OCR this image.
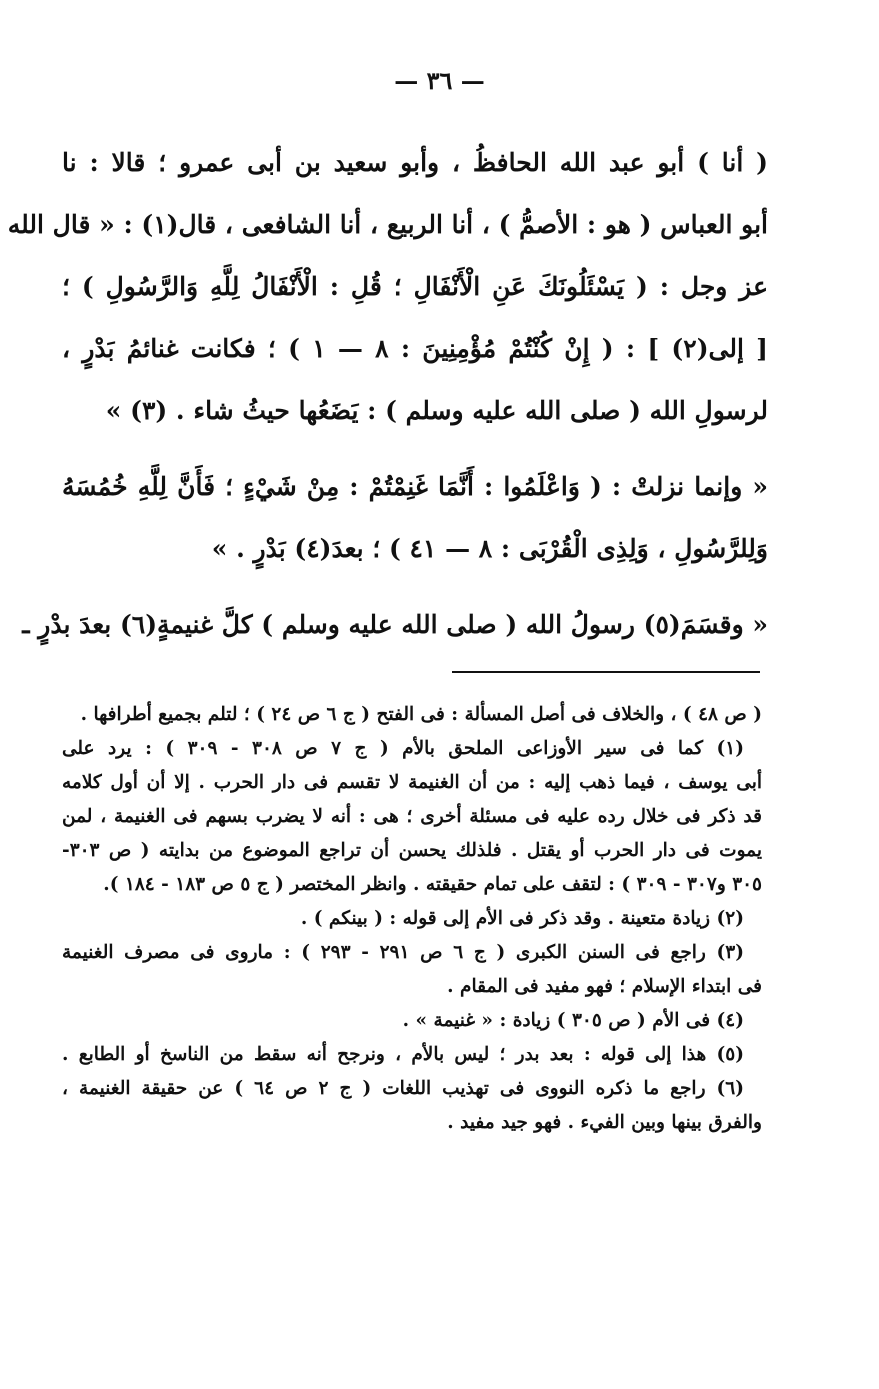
— ٣٦ —
( أنا ) أبو عبد الله الحافظُ ، وأبو سعيد بن أبى عمرو ؛ قالا : نا
أبو العباس ( هو : الأصمُّ ) ، أنا الربيع ، أنا الشافعى ، قال(١) : « قال الله
عز وجل : ( يَسْئَلُونَكَ عَنِ الْأَنْفَالِ ؛ قُلِ : الْأَنْفَالُ لِلَّهِ وَالرَّسُولِ ) ؛
[ إلى(٢) ] : ( إِنْ كُنْتُمْ مُؤْمِنِينَ : ٨ — ١ ) ؛ فكانت غنائمُ بَدْرٍ ،
لرسولِ الله ( صلى الله عليه وسلم ) : يَضَعُها حيثُ شاء . (٣) »
« وإنما نزلتْ : ( وَاعْلَمُوا : أَنَّمَا غَنِمْتُمْ : مِنْ شَيْءٍ ؛ فَأَنَّ لِلَّهِ خُمُسَهُ
وَلِلرَّسُولِ ، وَلِذِى الْقُرْبَى : ٨ — ٤١ ) ؛ بعدَ(٤) بَدْرٍ . »
« وقسَمَ(٥) رسولُ الله ( صلى الله عليه وسلم ) كلَّ غنيمةٍ(٦) بعدَ بدْرٍ ـ
( ص ٤٨ ) ، والخلاف فى أصل المسألة : فى الفتح ( ج ٦ ص ٢٤ ) ؛ لتلم بجميع أطرافها .
(١) كما فى سير الأوزاعى الملحق بالأم ( ج ٧ ص ٣٠٨ - ٣٠٩ ) : يرد على
أبى يوسف ، فيما ذهب إليه : من أن الغنيمة لا تقسم فى دار الحرب . إلا أن أول كلامه
قد ذكر فى خلال رده عليه فى مسئلة أخرى ؛ هى : أنه لا يضرب بسهم فى الغنيمة ، لمن
يموت فى دار الحرب أو يقتل . فلذلك يحسن أن تراجع الموضوع من بدايته ( ص ٣٠٣-
٣٠٥ و٣٠٧ - ٣٠٩ ) : لتقف على تمام حقيقته . وانظر المختصر ( ج ٥ ص ١٨٣ - ١٨٤ ).
(٢) زيادة متعينة . وقد ذكر فى الأم إلى قوله : ( بينكم ) .
(٣) راجع فى السنن الكبرى ( ج ٦ ص ٢٩١ - ٢٩٣ ) : ماروى فى مصرف الغنيمة
فى ابتداء الإسلام ؛ فهو مفيد فى المقام .
(٤) فى الأم ( ص ٣٠٥ ) زيادة : « غنيمة » .
(٥) هذا إلى قوله : بعد بدر ؛ ليس بالأم ، ونرجح أنه سقط من الناسخ أو الطابع .
(٦) راجع ما ذكره النووى فى تهذيب اللغات ( ج ٢ ص ٦٤ ) عن حقيقة الغنيمة ،
والفرق بينها وبين الفيء . فهو جيد مفيد .
